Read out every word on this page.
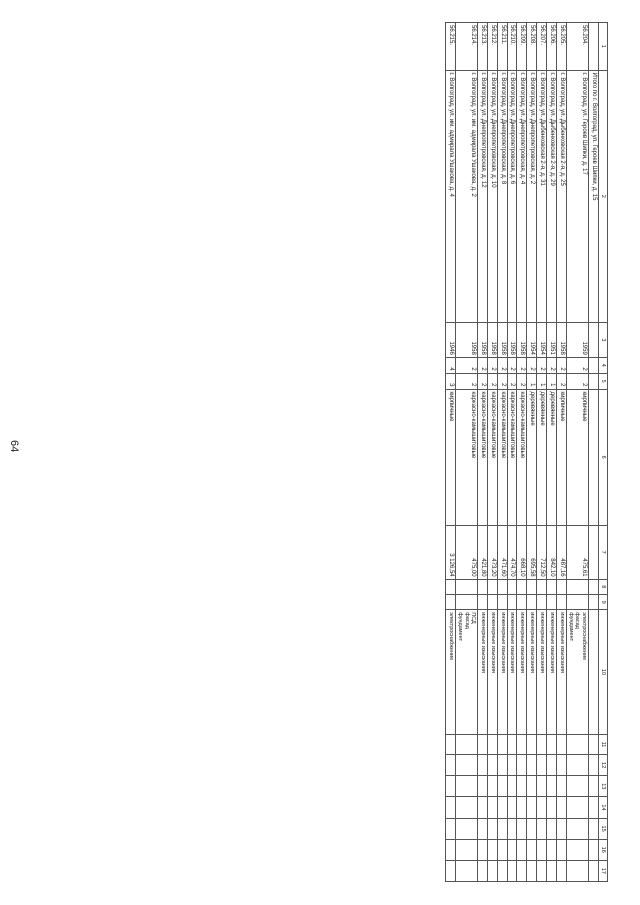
64
1	2	3	4	5	6	7	8	9	10	11	12	13	14	15	16	17
	Итого по г. Волгоград, ул. Героев Шипки, д. 15								

56.204.	г. Волгоград, ул. Героев Шипки, д. 17	1959	2	2	кирпичные	475,61			электроснабжение
фасад
фундамент							

56.205.	г. Волгоград, ул. Дыбенковская 2-я, д. 25	1958	2	2	кирпичные	487,16			инженерные изыскания							

56.206.	г. Волгоград, ул. Дыбенковская 2-я, д. 29	1951	2	1	деревянные	842,10			инженерные изыскания							

56.207.	г. Волгоград, ул. Дыбенковская 2-я, д. 31	1954	2	1	деревянные	712,50			инженерные изыскания							

56.208.	г. Волгоград, ул. Днепропетровская, д. 2	1954	2	1	деревянные	695,58			инженерные изыскания							

56.209.	г. Волгоград, ул. Днепропетровская, д. 4	1958	2	2	каркасно-камышитовые	668,10			инженерные изыскания							

56.210.	г. Волгоград, ул. Днепропетровская, д. 6	1958	2	2	каркасно-камышитовые	474,70			инженерные изыскания							

56.211.	г. Волгоград, ул. Днепропетровская, д. 8	1958	2	2	каркасно-камышитовые	471,60			инженерные изыскания							

56.212.	г. Волгоград, ул. Днепропетровская, д. 10	1958	2	2	каркасно-камышитовые	473,20			инженерные изыскания							

56.213.	г. Волгоград, ул. Днепропетровская, д. 12	1958	2	2	каркасно-камышитовые	421,80			инженерные изыскания							

56.214.	г. Волгоград, ул. им. адмирала Ушакова, д. 2	1958	2	2	каркасно-камышитовые	475,00			ПСД
фасад
фундамент							

56.215.	г. Волгоград, ул. им. адмирала Ушакова, д. 4	1946	4	3	кирпичные	3 126,54			электроснабжение							
